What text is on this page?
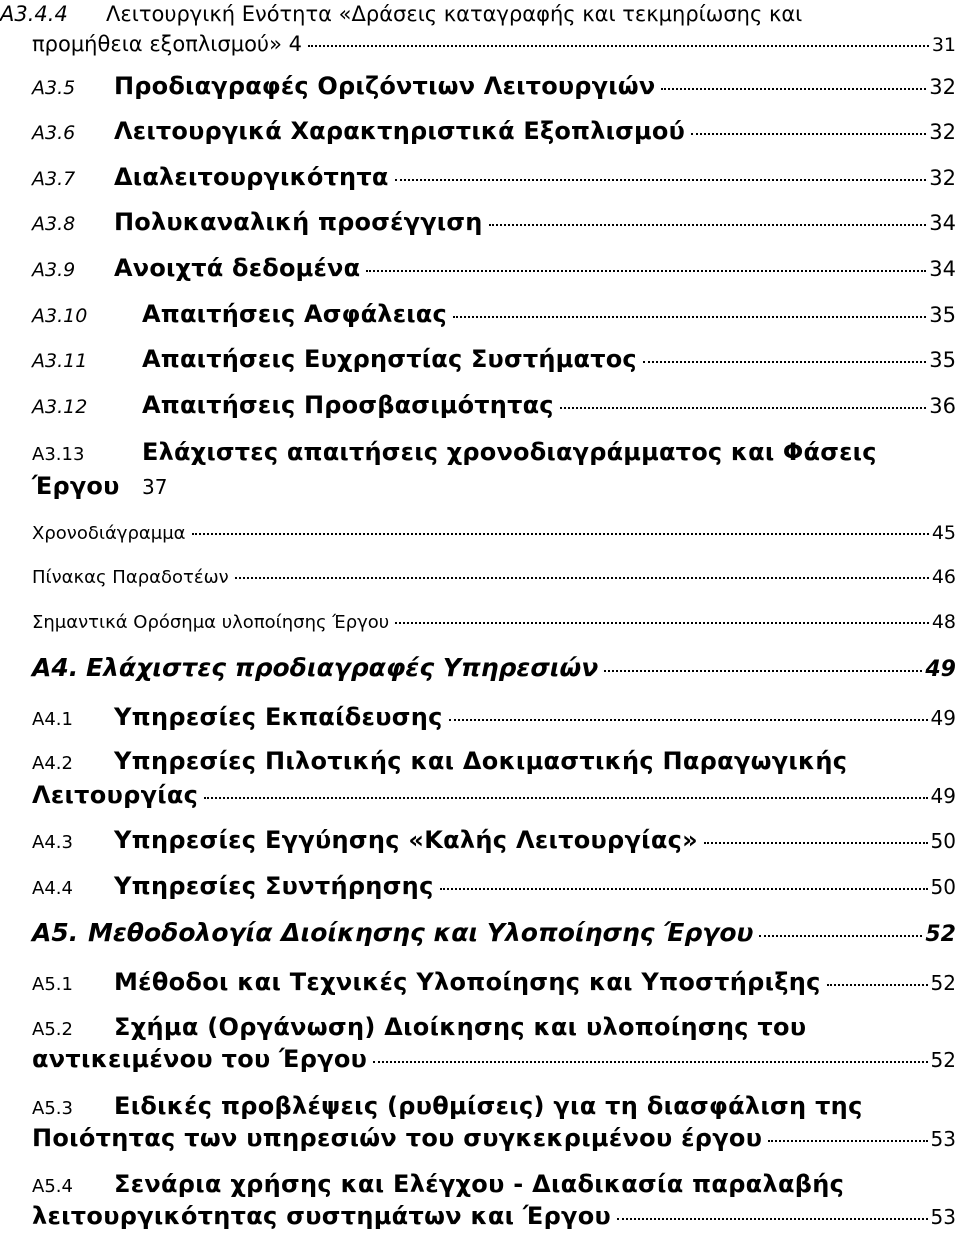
Α3.4.4	Λειτουργική Ενότητα «Δράσεις καταγραφής και τεκμηρίωσης και
προμήθεια εξοπλισμού» 4	31
Α3.5	Προδιαγραφές Οριζόντιων Λειτουργιών	32
Α3.6	Λειτουργικά Χαρακτηριστικά Εξοπλισμού	32
Α3.7	Διαλειτουργικότητα	32
Α3.8	Πολυκαναλική προσέγγιση	34
Α3.9	Ανοιχτά δεδομένα	34
Α3.10	Απαιτήσεις Ασφάλειας	35
Α3.11	Απαιτήσεις Ευχρηστίας Συστήματος	35
Α3.12	Απαιτήσεις Προσβασιμότητας	36
Α3.13	Ελάχιστες απαιτήσεις χρονοδιαγράμματος και Φάσεις
Έργου	37
Χρονοδιάγραμμα	45
Πίνακας Παραδοτέων	46
Σημαντικά Ορόσημα υλοποίησης Έργου	48
Α4. Ελάχιστες προδιαγραφές Υπηρεσιών	49
Α4.1	Υπηρεσίες Εκπαίδευσης	49
Α4.2	Υπηρεσίες Πιλοτικής και Δοκιμαστικής Παραγωγικής
Λειτουργίας	49
Α4.3	Υπηρεσίες Εγγύησης «Καλής Λειτουργίας»	50
Α4.4	Υπηρεσίες Συντήρησης	50
Α5. Μεθοδολογία Διοίκησης και Υλοποίησης Έργου	52
Α5.1	Μέθοδοι και Τεχνικές Υλοποίησης και Υποστήριξης	52
Α5.2	Σχήμα (Οργάνωση) Διοίκησης και υλοποίησης του
αντικειμένου του Έργου	52
Α5.3	Ειδικές προβλέψεις (ρυθμίσεις) για τη διασφάλιση της
Ποιότητας των υπηρεσιών του συγκεκριμένου έργου	53
Α5.4	Σενάρια χρήσης και Ελέγχου - Διαδικασία παραλαβής
λειτουργικότητας συστημάτων και Έργου	53
